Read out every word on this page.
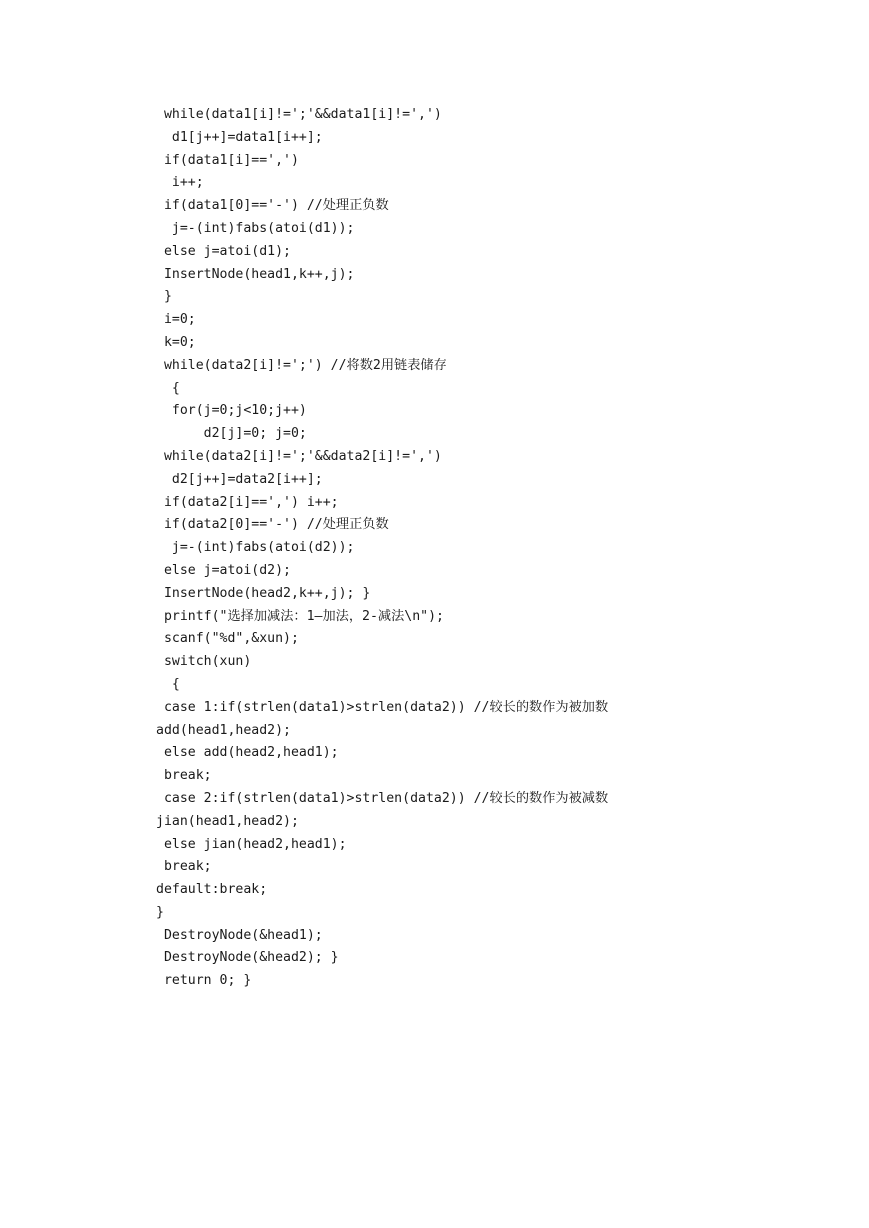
while(data1[i]!=';'&&data1[i]!=',')
d1[j++]=data1[i++];
if(data1[i]==',')
i++;
if(data1[0]=='-') //处理正负数
j=-(int)fabs(atoi(d1));
else j=atoi(d1);
InsertNode(head1,k++,j);
}
i=0;
k=0;
while(data2[i]!=';') //将数2用链表储存
{
for(j=0;j<10;j++)
d2[j]=0; j=0;
while(data2[i]!=';'&&data2[i]!=',')
d2[j++]=data2[i++];
if(data2[i]==',') i++;
if(data2[0]=='-') //处理正负数
j=-(int)fabs(atoi(d2));
else j=atoi(d2);
InsertNode(head2,k++,j); }
printf("选择加减法：1—加法，2-减法\n");
scanf("%d",&xun);
switch(xun)
{
case 1:if(strlen(data1)>strlen(data2)) //较长的数作为被加数
add(head1,head2);
else add(head2,head1);
break;
case 2:if(strlen(data1)>strlen(data2)) //较长的数作为被减数
jian(head1,head2);
else jian(head2,head1);
break;
default:break;
}
DestroyNode(&head1);
DestroyNode(&head2); }
return 0; }
